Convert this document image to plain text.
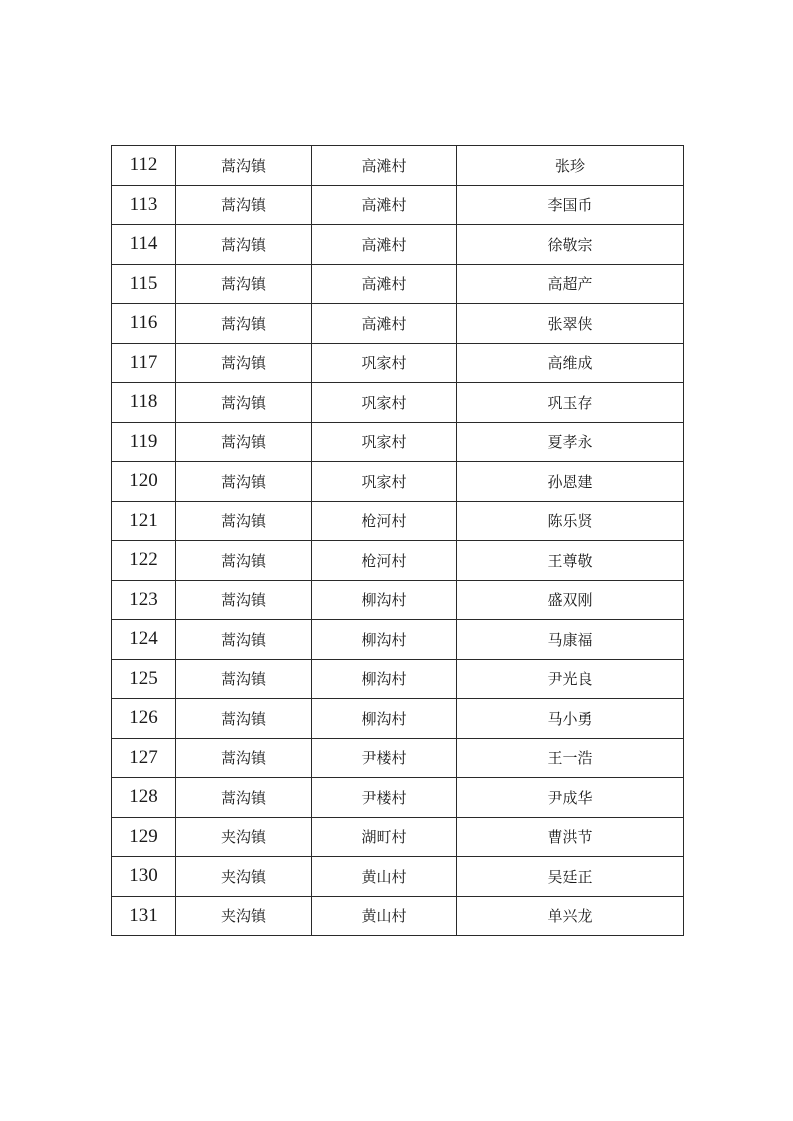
112	蒿沟镇	高滩村	张珍
113	蒿沟镇	高滩村	李国币
114	蒿沟镇	高滩村	徐敬宗
115	蒿沟镇	高滩村	高超产
116	蒿沟镇	高滩村	张翠侠
117	蒿沟镇	巩家村	高维成
118	蒿沟镇	巩家村	巩玉存
119	蒿沟镇	巩家村	夏孝永
120	蒿沟镇	巩家村	孙恩建
121	蒿沟镇	枪河村	陈乐贤
122	蒿沟镇	枪河村	王尊敬
123	蒿沟镇	柳沟村	盛双刚
124	蒿沟镇	柳沟村	马康福
125	蒿沟镇	柳沟村	尹光良
126	蒿沟镇	柳沟村	马小勇
127	蒿沟镇	尹楼村	王一浩
128	蒿沟镇	尹楼村	尹成华
129	夹沟镇	湖町村	曹洪节
130	夹沟镇	黄山村	吴廷正
131	夹沟镇	黄山村	单兴龙
